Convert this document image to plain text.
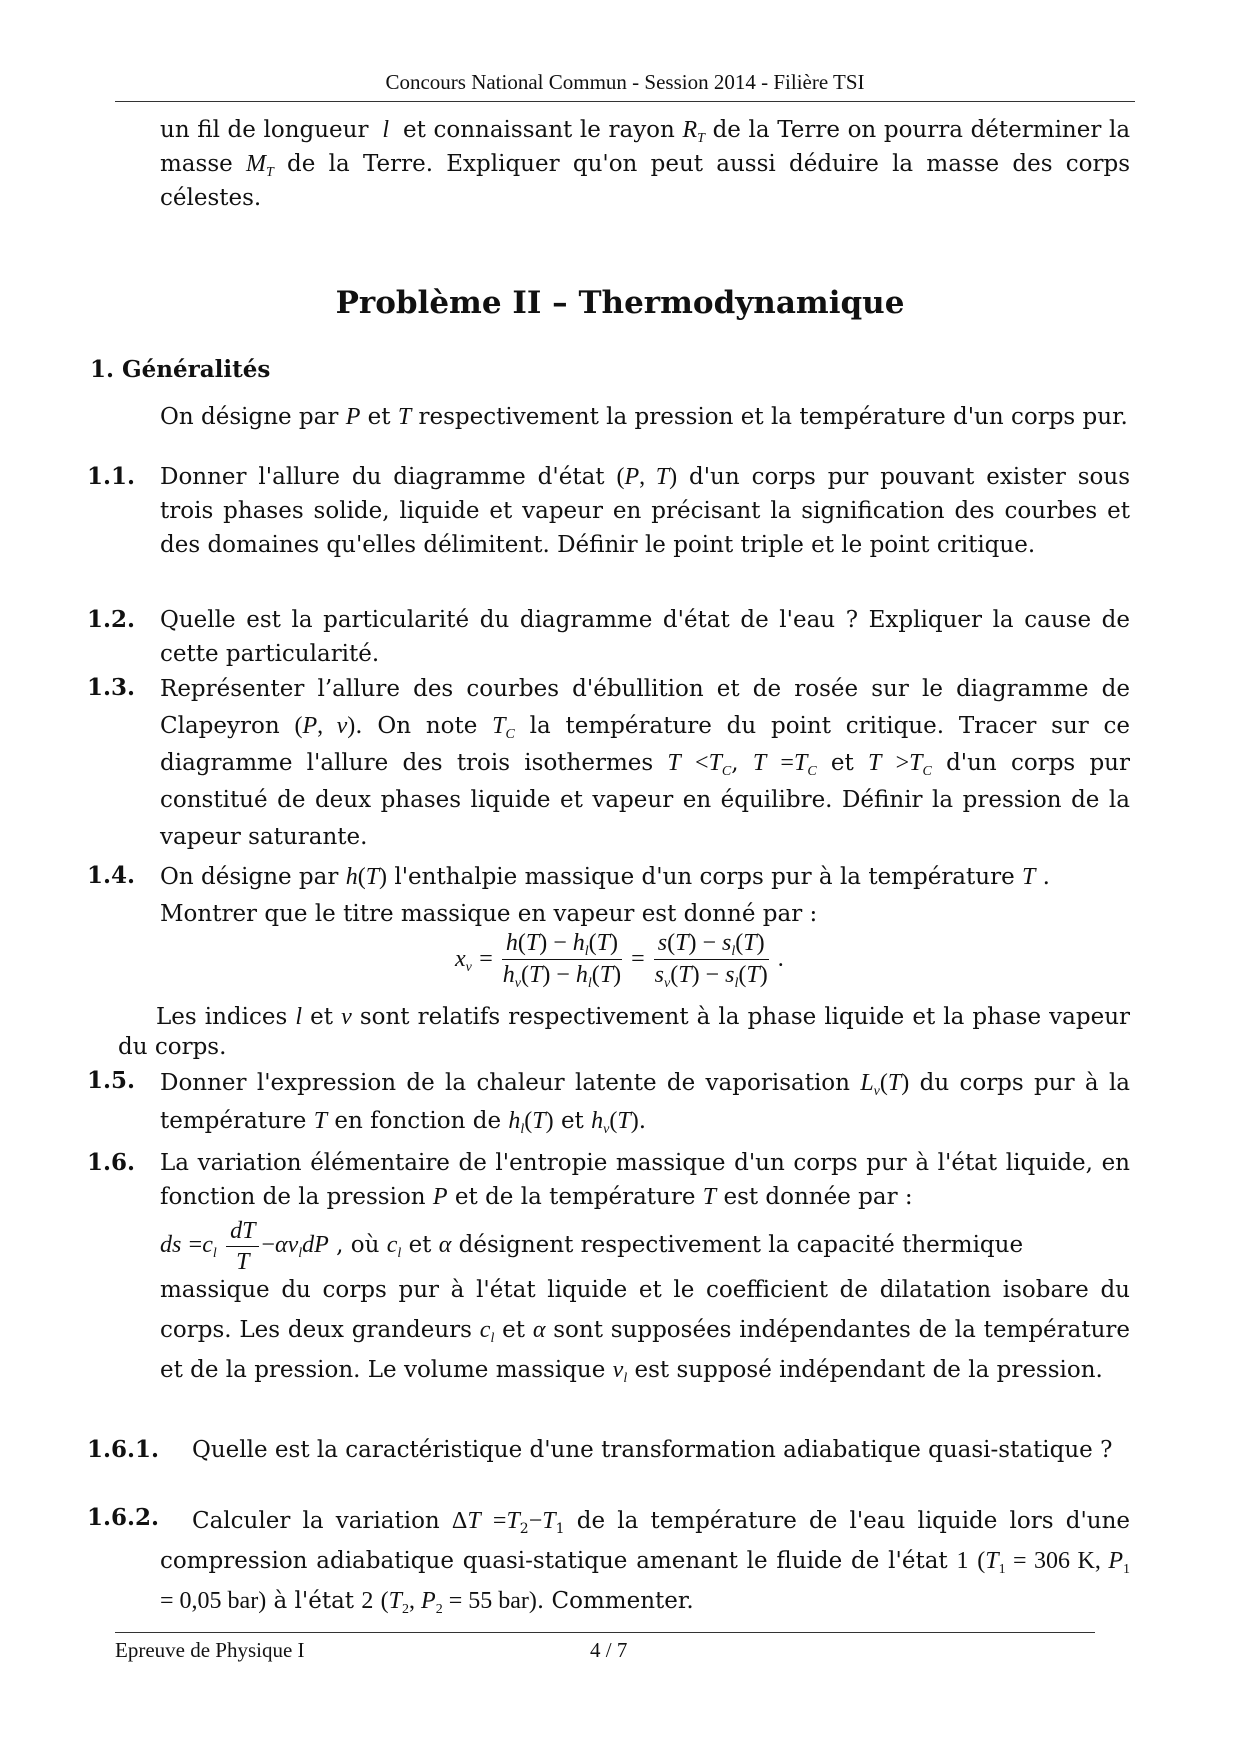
Concours National Commun - Session 2014 - Filière TSI
un fil de longueur  l  et connaissant le rayon $R_T$ de la Terre on pourra déterminer la masse $M_T$ de la Terre. Expliquer qu'on peut aussi déduire la masse des corps célestes.
Problème II – Thermodynamique
1. Généralités
On désigne par P et T respectivement la pression et la température d'un corps pur.
1.1. Donner l'allure du diagramme d'état (P, T) d'un corps pur pouvant exister sous trois phases solide, liquide et vapeur en précisant la signification des courbes et des domaines qu'elles délimitent. Définir le point triple et le point critique.
1.2. Quelle est la particularité du diagramme d'état de l'eau ? Expliquer la cause de cette particularité.
1.3. Représenter l’allure des courbes d'ébullition et de rosée sur le diagramme de Clapeyron (P, v). On note $T_C$ la température du point critique. Tracer sur ce diagramme l'allure des trois isothermes $T <T_C$, $T =T_C$ et $T >T_C$ d'un corps pur constitué de deux phases liquide et vapeur en équilibre. Définir la pression de la vapeur saturante.
1.4. On désigne par h(T) l'enthalpie massique d'un corps pur à la température T .
Montrer que le titre massique en vapeur est donné par :
$x_v$
= $\frac{h(T) - h_l(T)}{h_v(T) - h_l(T)} = \frac{s(T) - s_l(T)}{s_v(T) - s_l(T)}$ .
Les indices l et v sont relatifs respectivement à la phase liquide et la phase vapeur du corps.
1.5. Donner l'expression de la chaleur latente de vaporisation $L_v(T)$ du corps pur à la température T en fonction de $h_l(T)$ et $h_v(T)$.
1.6. La variation élémentaire de l'entropie massique d'un corps pur à l'état liquide, en fonction de la pression P et de la température T est donnée par :
ds $=c_l \frac{dT}{T} -\alpha v_ldP$ , où $c_l$ et α désignent respectivement la capacité thermique
massique du corps pur à l'état liquide et le coefficient de dilatation isobare du corps. Les deux grandeurs $c_l$ et α sont supposées indépendantes de la température et de la pression. Le volume massique $v_l$ est supposé indépendant de la pression.
1.6.1. Quelle est la caractéristique d'une transformation adiabatique quasi-statique ?
1.6.2.	Calculer la variation $\Delta T =T_2-T_1$ de la température de l'eau liquide lors d'une compression adiabatique quasi-statique amenant le fluide de l'état 1 ($T_1 = 306$ K, $P_1 = 0,05$ bar) à l'état 2 ($T_2$, $P_2 = 55$ bar). Commenter.
Epreuve de Physique I	4 / 7
